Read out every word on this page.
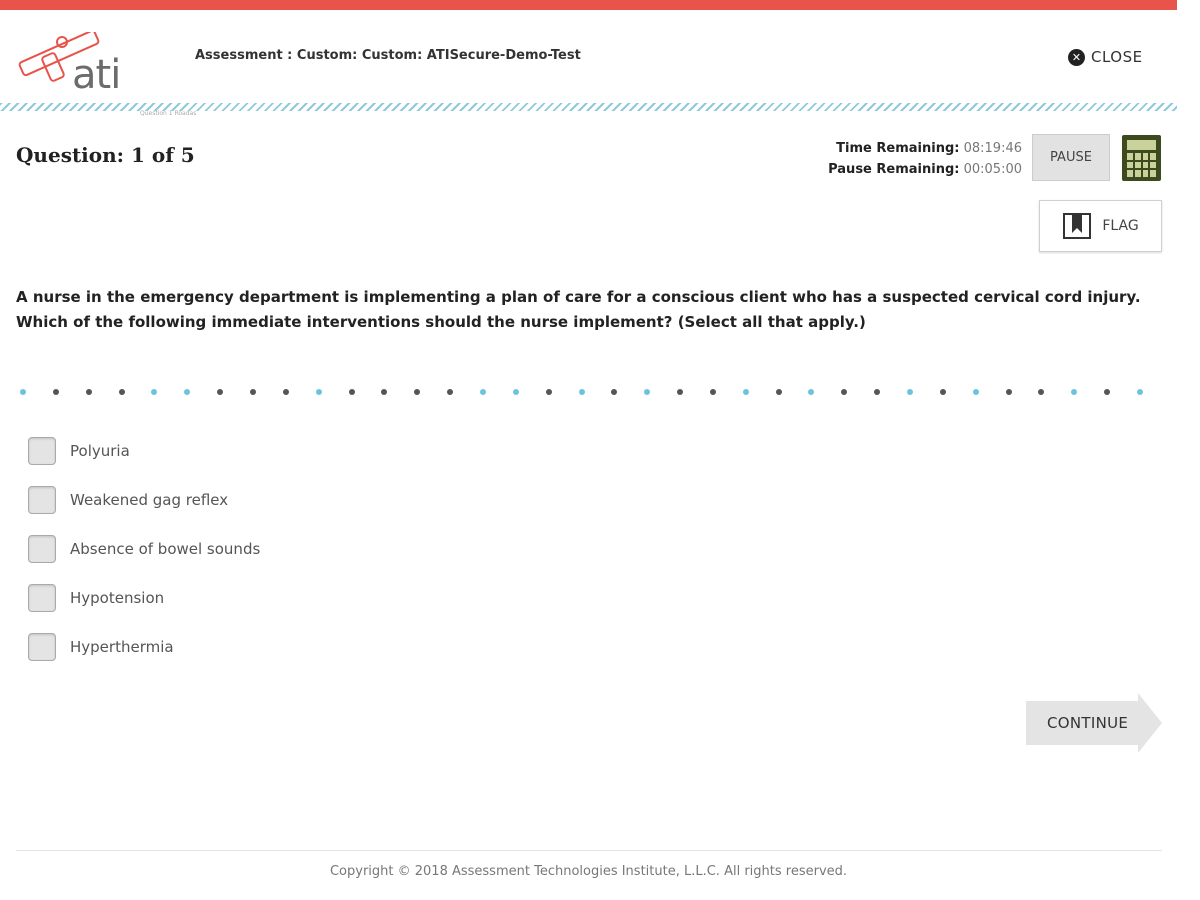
ati	Assessment : Custom: Custom: ATISecure-Demo-Test	✕ CLOSE
Question 1 Roadas
Question: 1 of 5	Time Remaining: 08:19:46
Pause Remaining: 00:05:00
PAUSE
FLAG
A nurse in the emergency department is implementing a plan of care for a conscious client who has a suspected cervical cord injury. Which of the following immediate interventions should the nurse implement? (Select all that apply.)
Polyuria
Weakened gag reflex
Absence of bowel sounds
Hypotension
Hyperthermia
CONTINUE
Copyright © 2018 Assessment Technologies Institute, L.L.C. All rights reserved.
